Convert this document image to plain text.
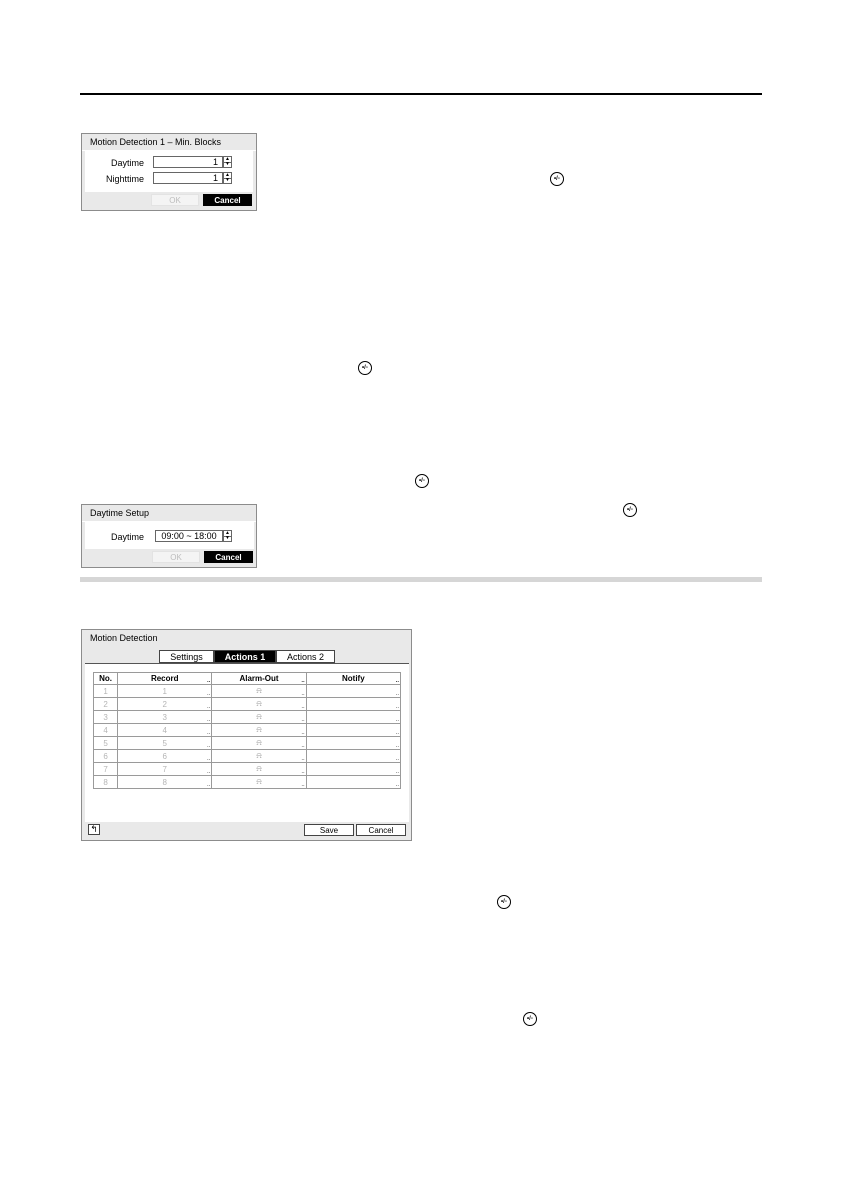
Motion Detection 1 – Min. Blocks
Daytime	1	▲
▼
Nighttime	1	▲
▼
OK	Cancel
•/▫
•/▫
•/▫
•/▫
Daytime Setup
Daytime	09:00 ~ 18:00	▲
▼
OK	Cancel
Motion Detection
Settings	Actions 1	Actions 2
No.	Record ..	Alarm-Out ..	Notify ..

1	1 ..	⍾ ..	..

2	2 ..	⍾ ..	..

3	3 ..	⍾ ..	..

4	4 ..	⍾ ..	..

5	5 ..	⍾ ..	..

6	6 ..	⍾ ..	..

7	7 ..	⍾ ..	..

8	8 ..	⍾ ..	..
↰	Save	Cancel
•/▫
•/▫
